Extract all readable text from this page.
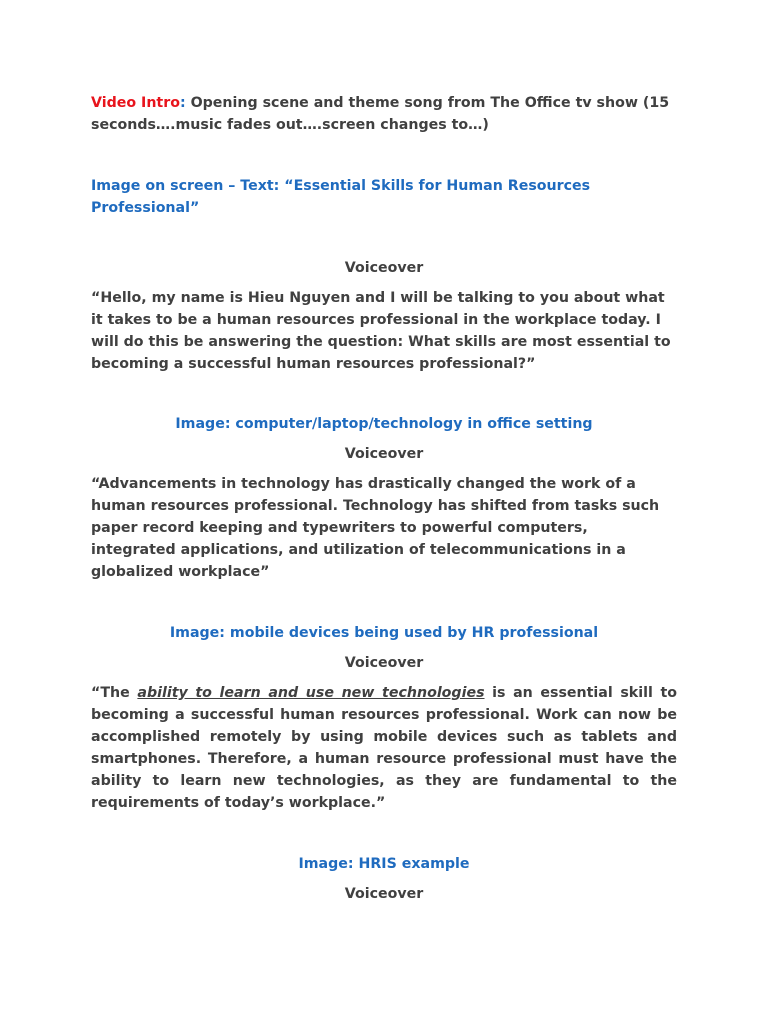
Video Intro: Opening scene and theme song from The Office tv show (15 seconds….music fades out….screen changes to…)

Image on screen – Text: “Essential Skills for Human Resources Professional”

Voiceover

“Hello, my name is Hieu Nguyen and I will be talking to you about what it takes to be a human resources professional in the workplace today. I will do this be answering the question: What skills are most essential to becoming a successful human resources professional?”

Image: computer/laptop/technology in office setting

Voiceover

“Advancements in technology has drastically changed the work of a human resources professional. Technology has shifted from tasks such paper record keeping and typewriters to powerful computers, integrated applications, and utilization of telecommunications in a globalized workplace”

Image: mobile devices being used by HR professional

Voiceover

“The ability to learn and use new technologies is an essential skill to becoming a successful human resources professional. Work can now be accomplished remotely by using mobile devices such as tablets and smartphones. Therefore, a human resource professional must have the ability to learn new technologies, as they are fundamental to the requirements of today’s workplace.”

Image: HRIS example

Voiceover
